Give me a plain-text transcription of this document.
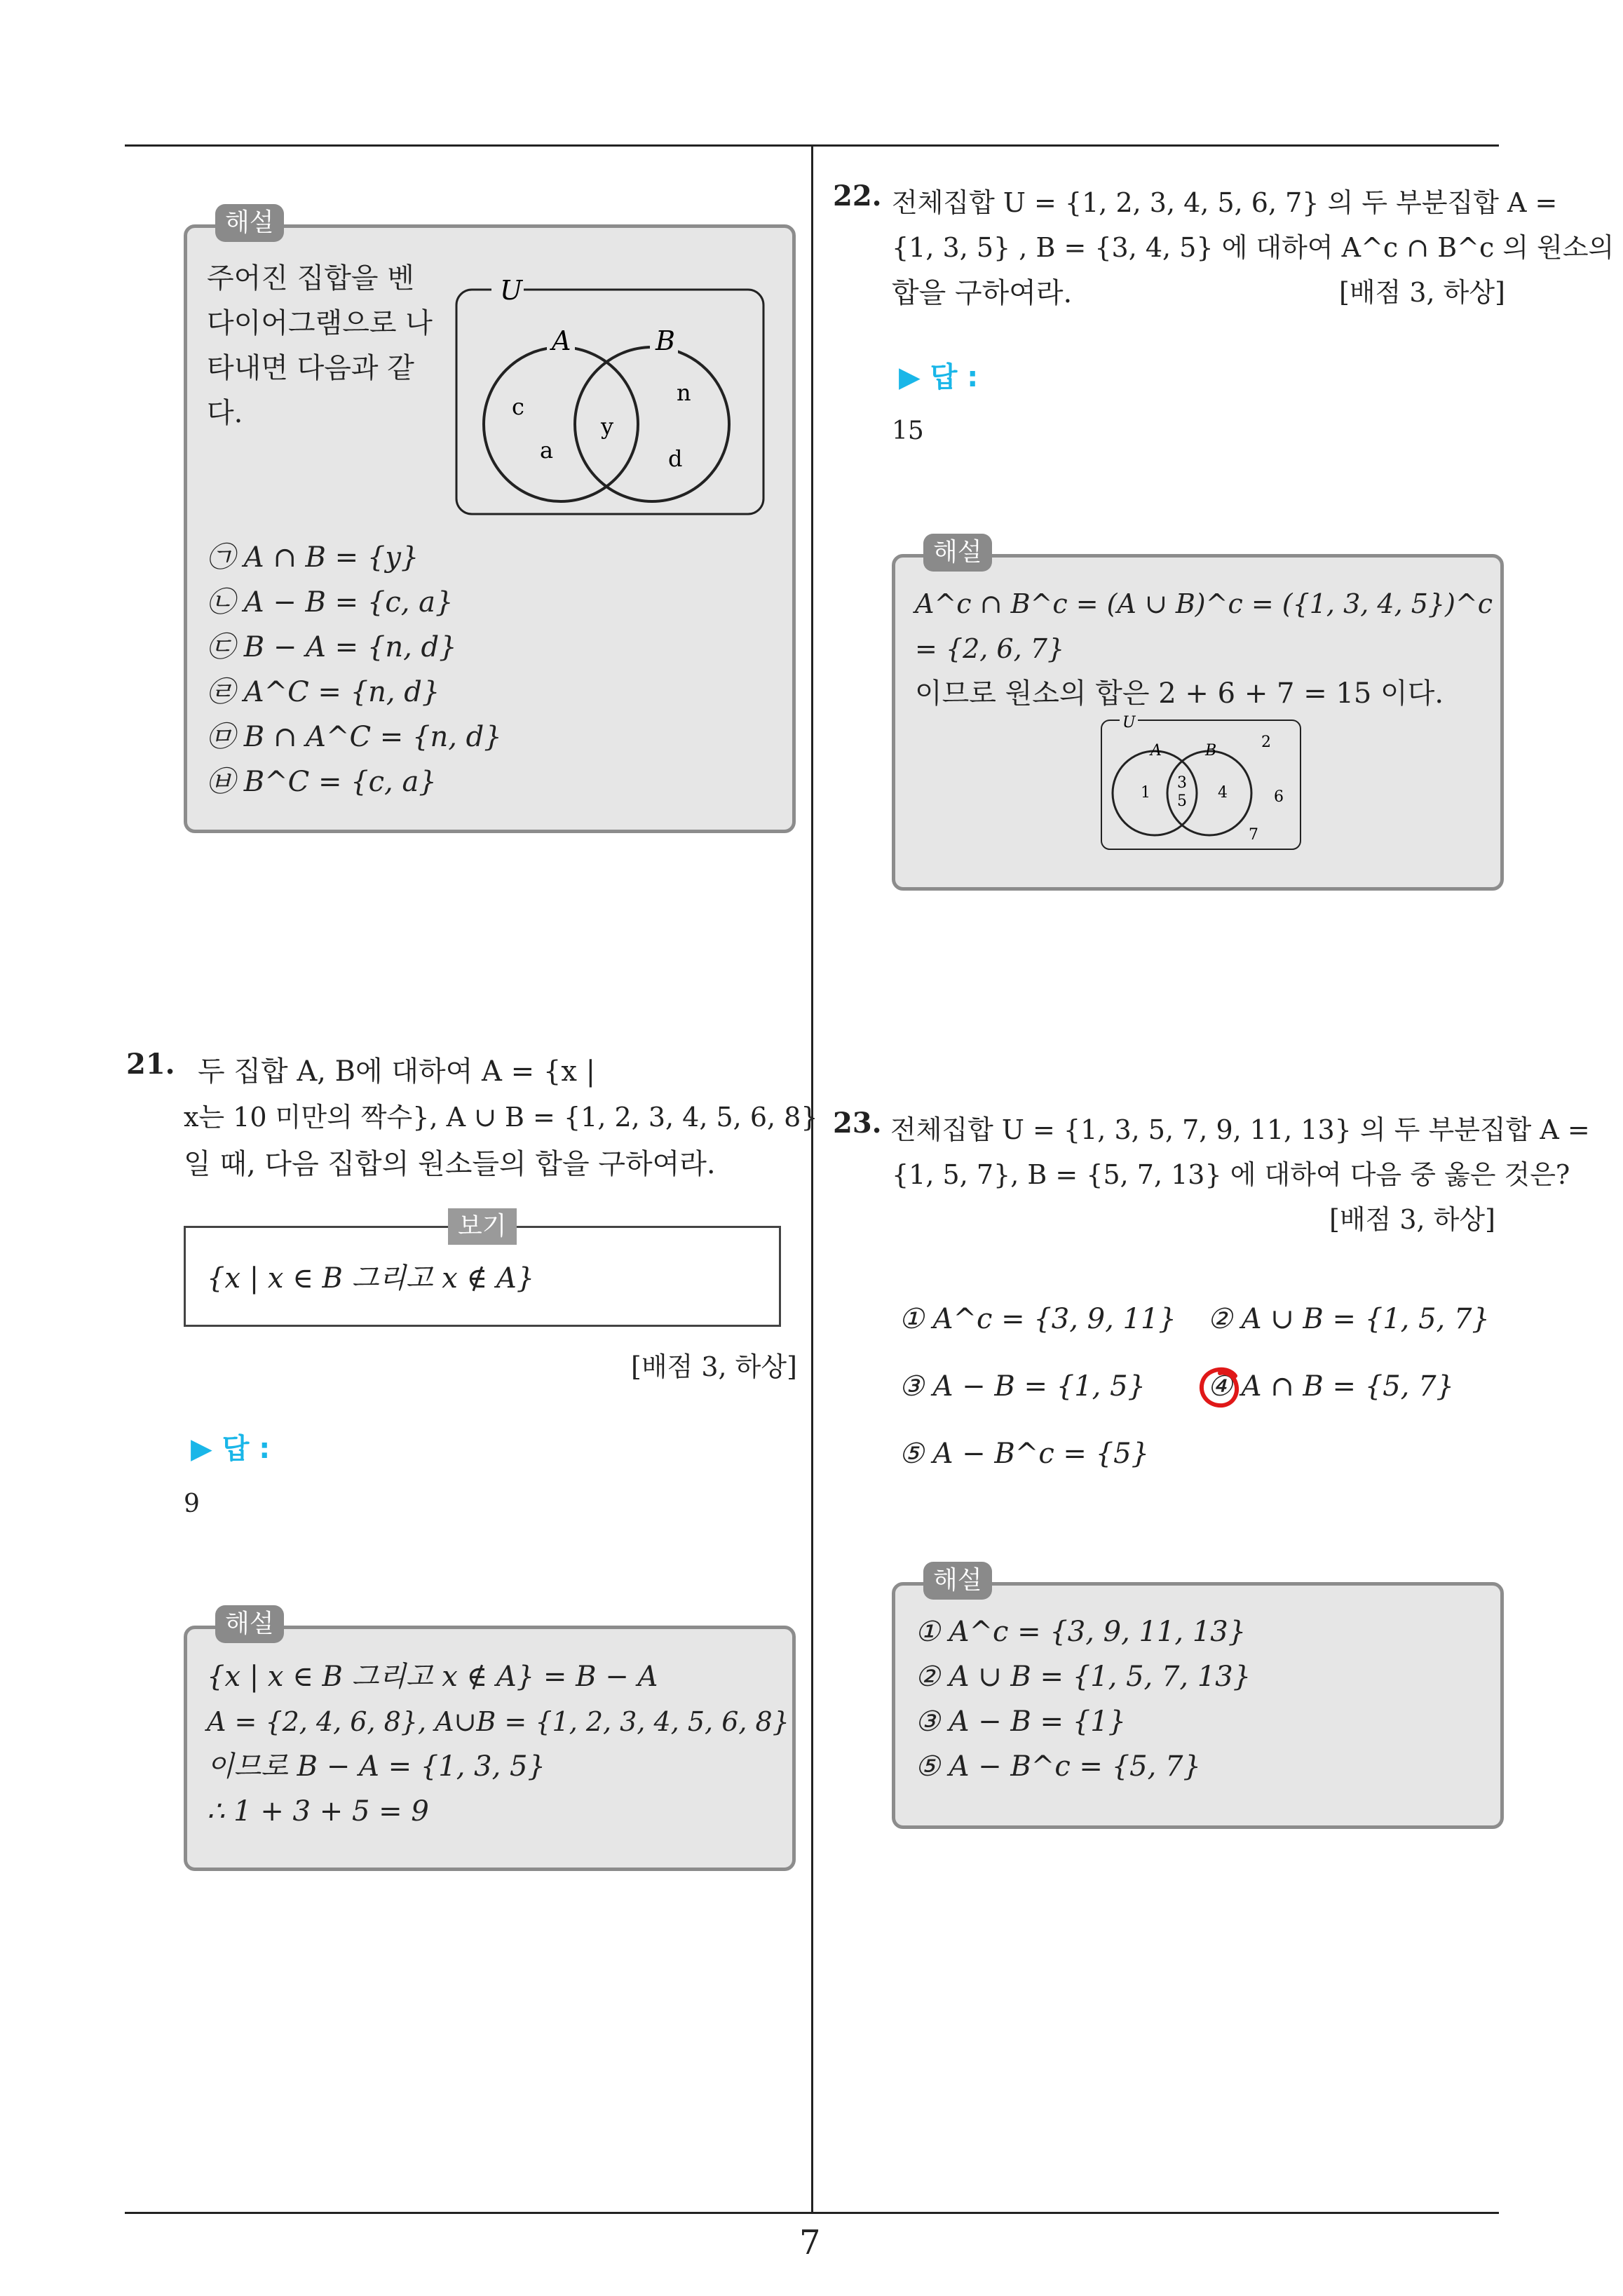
7
해설
주어진 집합을 벤
다이어그램으로 나
타내면 다음과 같
다.
U
A	B
c
a
y
n
d
㉠ A ∩ B = {y}
㉡ A − B = {c, a}
㉢ B − A = {n, d}
㉣ A^C = {n, d}
㉤ B ∩ A^C = {n, d}
㉥ B^C = {c, a}
21. 두 집합 A, B에 대하여 A = {x |
x는 10 미만의 짝수}, A ∪ B = {1, 2, 3, 4, 5, 6, 8}
일 때, 다음 집합의 원소들의 합을 구하여라.
보기
{x | x ∈ B 그리고 x ∉ A}
[배점 3, 하상]
▶ 답 :
9
해설
{x | x ∈ B 그리고 x ∉ A} = B − A
A = {2, 4, 6, 8}, A∪B = {1, 2, 3, 4, 5, 6, 8}
이므로 B − A = {1, 3, 5}
∴ 1 + 3 + 5 = 9
22. 전체집합 U = {1, 2, 3, 4, 5, 6, 7} 의 두 부분집합 A =
{1, 3, 5} , B = {3, 4, 5} 에 대하여 A^c ∩ B^c 의 원소의
합을 구하여라.	[배점 3, 하상]
▶ 답 :
15
해설
A^c ∩ B^c = (A ∪ B)^c = ({1, 3, 4, 5})^c = {2, 6, 7}
이므로 원소의 합은 2 + 6 + 7 = 15 이다.
U
A	B
1
3
5 4
2
6
7
23. 전체집합 U = {1, 3, 5, 7, 9, 11, 13} 의 두 부분집합 A =
{1, 5, 7}, B = {5, 7, 13} 에 대하여 다음 중 옳은 것은?
[배점 3, 하상]
① A^c = {3, 9, 11} ② A ∪ B = {1, 5, 7}
③ A − B = {1, 5} ④ A ∩ B = {5, 7}
⑤ A − B^c = {5}
해설
① A^c = {3, 9, 11, 13}
② A ∪ B = {1, 5, 7, 13}
③ A − B = {1}
⑤ A − B^c = {5, 7}
